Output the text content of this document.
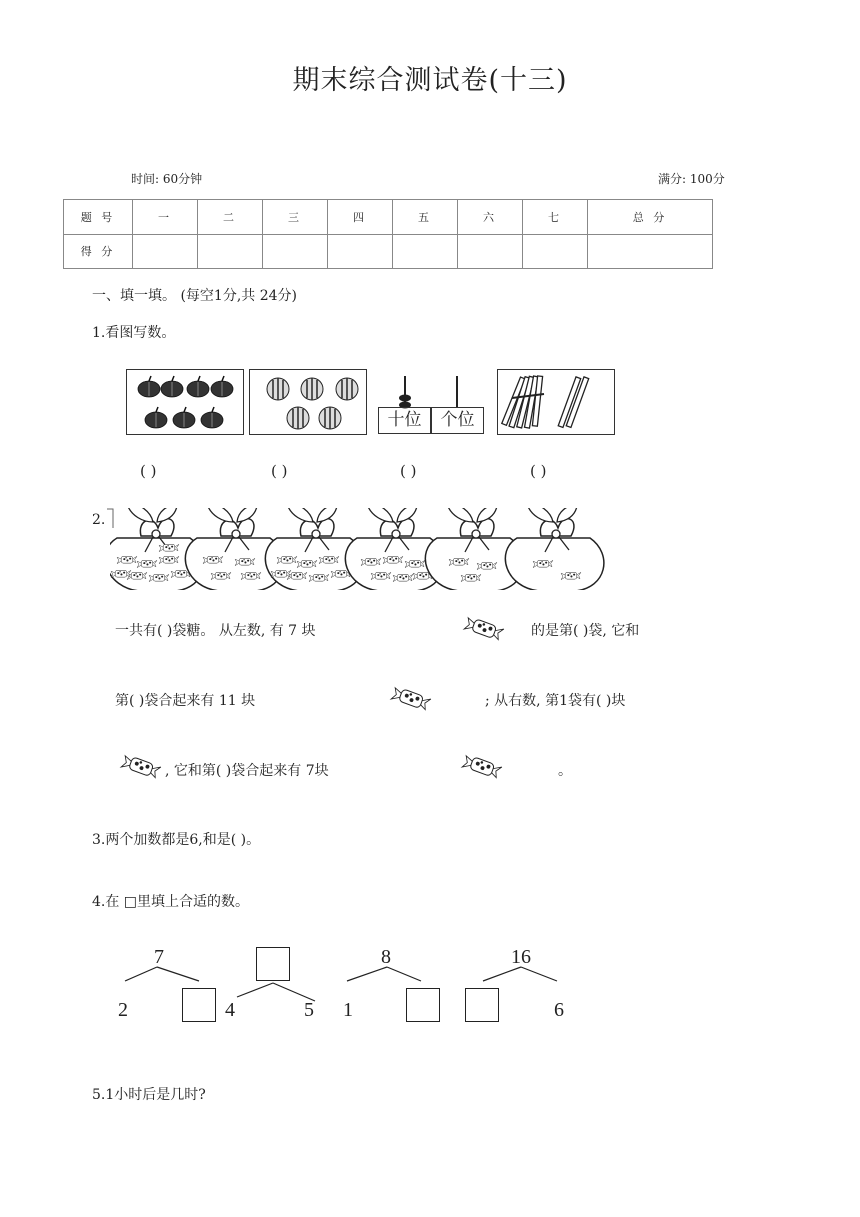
期末综合测试卷(十三)
时间: 60分钟	满分: 100分
题 号	一	二	三	四	五	六	七	总 分
得 分								
一、填一填。 (每空1分,共 24分)
1.看图写数。
十位	个位
( )	( )	( )	( )
2.
一共有( )袋糖。 从左数, 有 7 块	的是第( )袋, 它和
第( )袋合起来有 11 块	; 从右数, 第1袋有( )块
, 它和第( )袋合起来有 7块	。
3.两个加数都是6,和是( )。
4.在 □里填上合适的数。
7
2	4	5
8
1
16
6
5.1小时后是几时?
